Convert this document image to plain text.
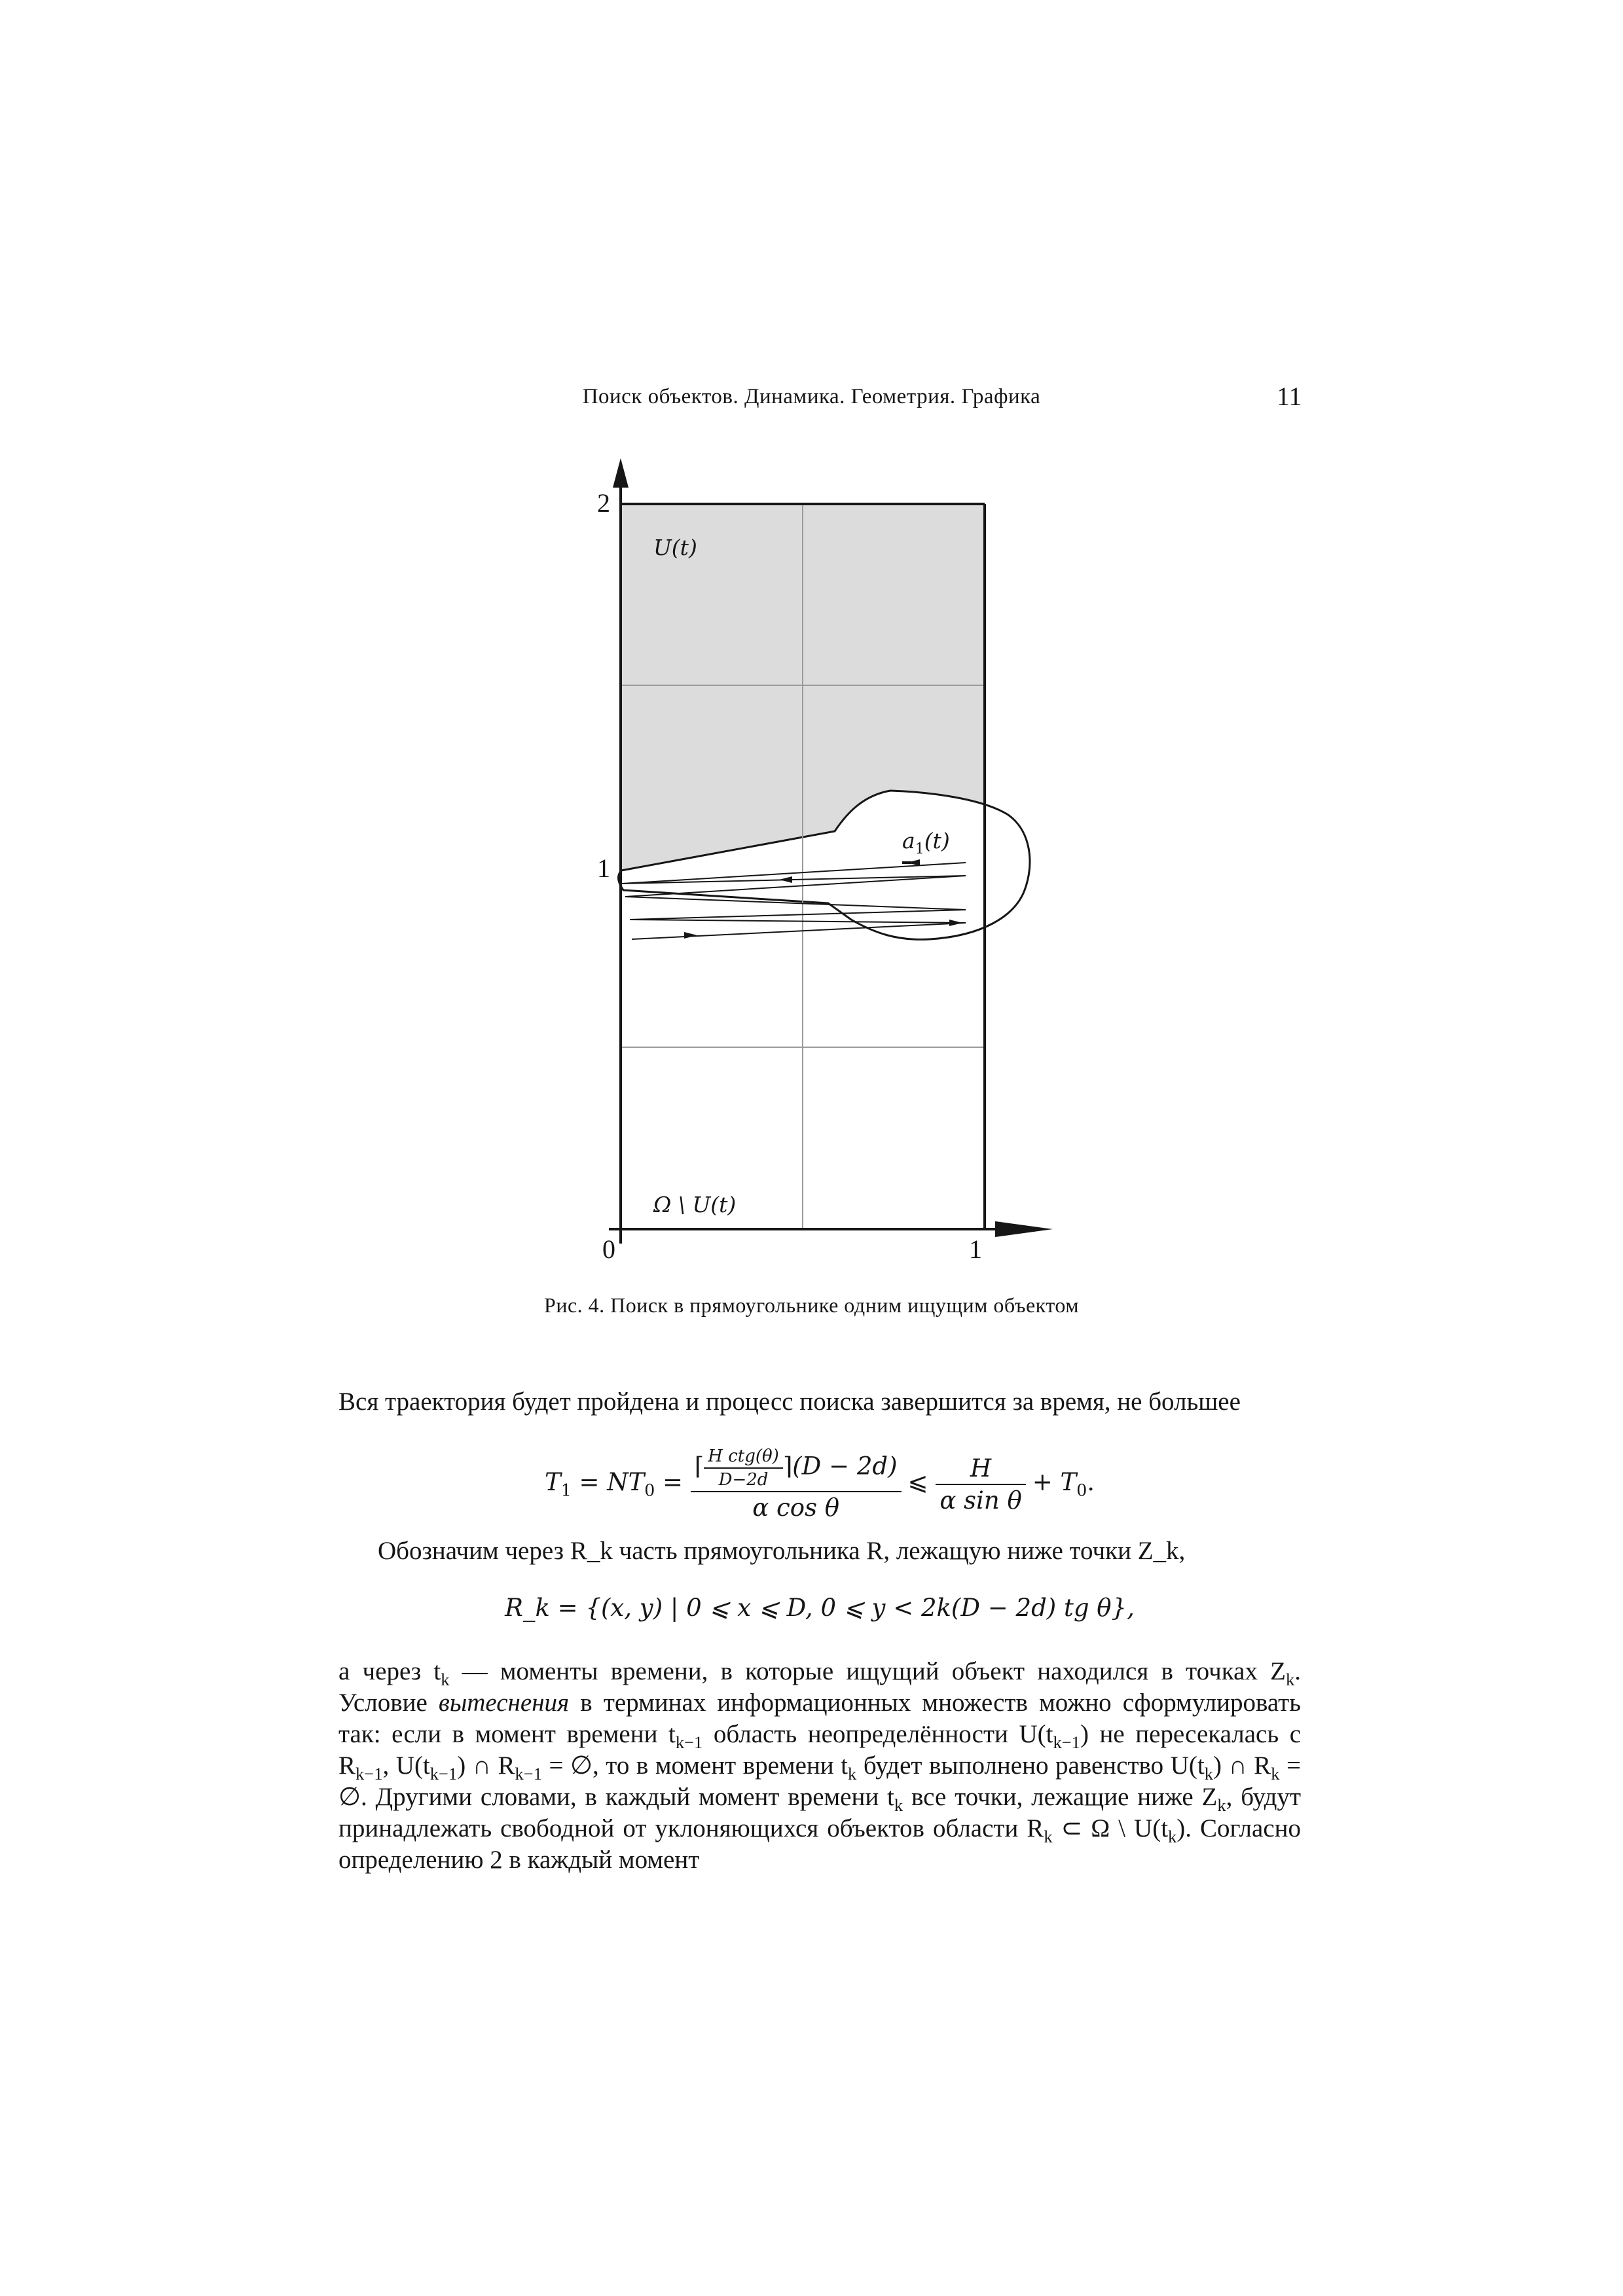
Поиск объектов. Динамика. Геометрия. Графика	11
2
1
0	1
U(t)
$a_1(t)$
Ω \ U(t)
Рис. 4. Поиск в прямоугольнике одним ищущим объектом
Вся траектория будет пройдена и процесс поиска завершится за время, не большее
$T_1 = NT_0 = \frac{⌈ \frac{\text{H ctg(θ)}}{D-2d} ⌉(D - 2d)}{\text{α cos θ}}$ ⩽ $\frac{H}{\text{α sin θ}} + T_0$.
Обозначим через R_k часть прямоугольника R, лежащую ниже точки Z_k,
R_k = {(x, y) | 0 ⩽ x ⩽ D, 0 ⩽ y < 2k(D − 2d) tg θ},
а через $t_k$ — моменты времени, в которые ищущий объект находился в точках $Z_k$. Условие вытеснения в терминах информационных множеств можно сформулировать так: если в момент времени $t_{k-1}$ область неопределённости $U(t_{k-1})$ не пересекалась с $R_{k-1}$, $U(t_{k-1})$ ∩ $R_{k-1}$ = ∅, то в момент времени $t_k$ будет выполнено равенство $U(t_k)$ ∩ $R_k$ = ∅. Другими словами, в каждый момент времени $t_k$ все точки, лежащие ниже $Z_k$, будут принадлежать свободной от уклоняющихся объектов области $R_k$ ⊂ Ω \ $U(t_k)$. Согласно определению 2 в каждый момент
